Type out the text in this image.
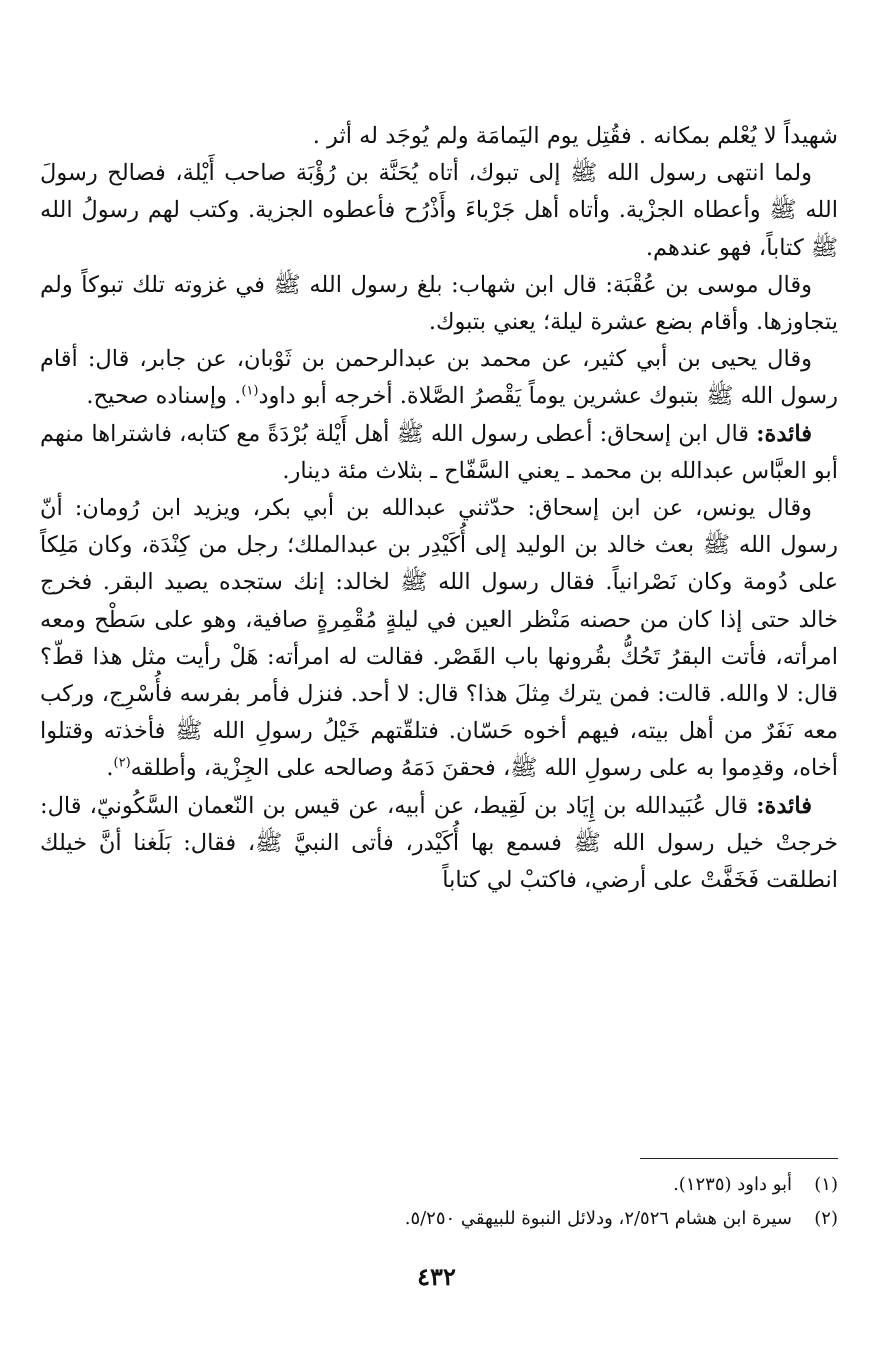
شهيداً لا يُعْلم بمكانه . فقُتِل يوم اليَمامَة ولم يُوجَد له أثر .

ولما انتهى رسول الله ﷺ إلى تبوك، أتاه يُحَنَّة بن رُؤْبَة صاحب أَيْلة، فصالح رسولَ الله ﷺ وأعطاه الجزْية. وأتاه أهل جَرْباءَ وأَذْرُح فأعطوه الجزية. وكتب لهم رسولُ الله ﷺ كتاباً، فهو عندهم.

وقال موسى بن عُقْبَة: قال ابن شهاب: بلغ رسول الله ﷺ في غزوته تلك تبوكاً ولم يتجاوزها. وأقام بضع عشرة ليلة؛ يعني بتبوك.

وقال يحيى بن أبي كثير، عن محمد بن عبدالرحمن بن ثَوْبان، عن جابر، قال: أقام رسول الله ﷺ بتبوك عشرين يوماً يَقْصرُ الصَّلاة. أخرجه أبو داود$^{(١)}$. وإسناده صحيح.

فائدة: قال ابن إسحاق: أعطى رسول الله ﷺ أهل أَيْلة بُرْدَةً مع كتابه، فاشتراها منهم أبو العبَّاس عبدالله بن محمد ـ يعني السَّفّاح ـ بثلاث مئة دينار.

وقال يونس، عن ابن إسحاق: حدّثني عبدالله بن أبي بكر، ويزيد ابن رُومان: أنّ رسول الله ﷺ بعث خالد بن الوليد إلى أُكَيْدِر بن عبدالملك؛ رجل من كِنْدَة، وكان مَلِكاً على دُومة وكان نَصْرانياً. فقال رسول الله ﷺ لخالد: إنك ستجده يصيد البقر. فخرج خالد حتى إذا كان من حصنه مَنْظر العين في ليلةٍ مُقْمِرةٍ صافية، وهو على سَطْح ومعه امرأته، فأتت البقرُ تَحُكُّ بقُرونها باب القَصْر. فقالت له امرأته: هَلْ رأيت مثل هذا قطّ؟ قال: لا والله. قالت: فمن يترك مِثلَ هذا؟ قال: لا أحد. فنزل فأمر بفرسه فأُسْرِج، وركب معه نَفَرٌ من أهل بيته، فيهم أخوه حَسّان. فتلقّتهم خَيْلُ رسولِ الله ﷺ فأخذته وقتلوا أخاه، وقدِموا به على رسولِ الله ﷺ، فحقنَ دَمَهُ وصالحه على الجِزْية، وأطلقه$^{(٢)}$.

فائدة: قال عُبَيدالله بن إِيَاد بن لَقِيط، عن أبيه، عن قيس بن النّعمان السَّكُونيّ، قال: خرجتْ خيل رسول الله ﷺ فسمع بها أُكَيْدر، فأتى النبيَّ ﷺ، فقال: بَلَغنا أنَّ خيلك انطلقت فَخَفَّتْ على أرضي، فاكتبْ لي كتاباً

(١)
أبو داود (١٢٣٥).
(٢)
سيرة ابن هشام ٢/٥٢٦، ودلائل النبوة للبيهقي ٥/٢٥٠.
٤٣٢
